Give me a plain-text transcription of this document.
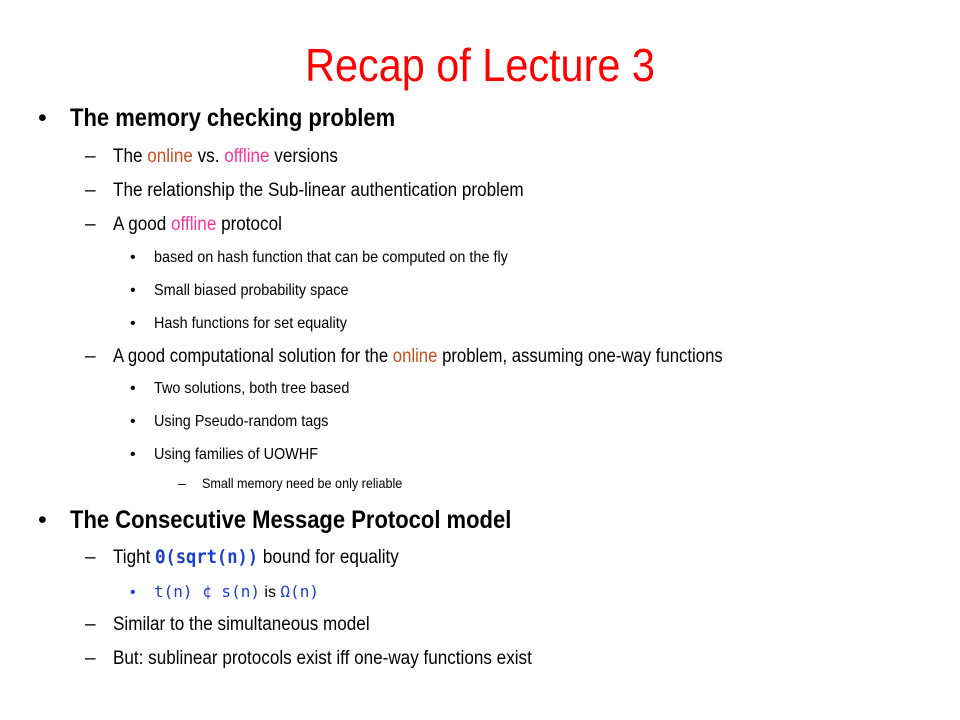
Recap of Lecture 3
• The memory checking problem
– The online vs. offline versions
– The relationship the Sub-linear authentication problem
– A good offline protocol
• based on hash function that can be computed on the fly
• Small biased probability space
• Hash functions for set equality
– A good computational solution for the online problem, assuming one-way functions
• Two solutions, both tree based
• Using Pseudo-random tags
• Using families of UOWHF
– Small memory need be only reliable
• The Consecutive Message Protocol model
– Tight Θ(sqrt(n)) bound for equality
• t(n) ¢ s(n) is Ω(n)
– Similar to the simultaneous model
– But: sublinear protocols exist iff one-way functions exist
